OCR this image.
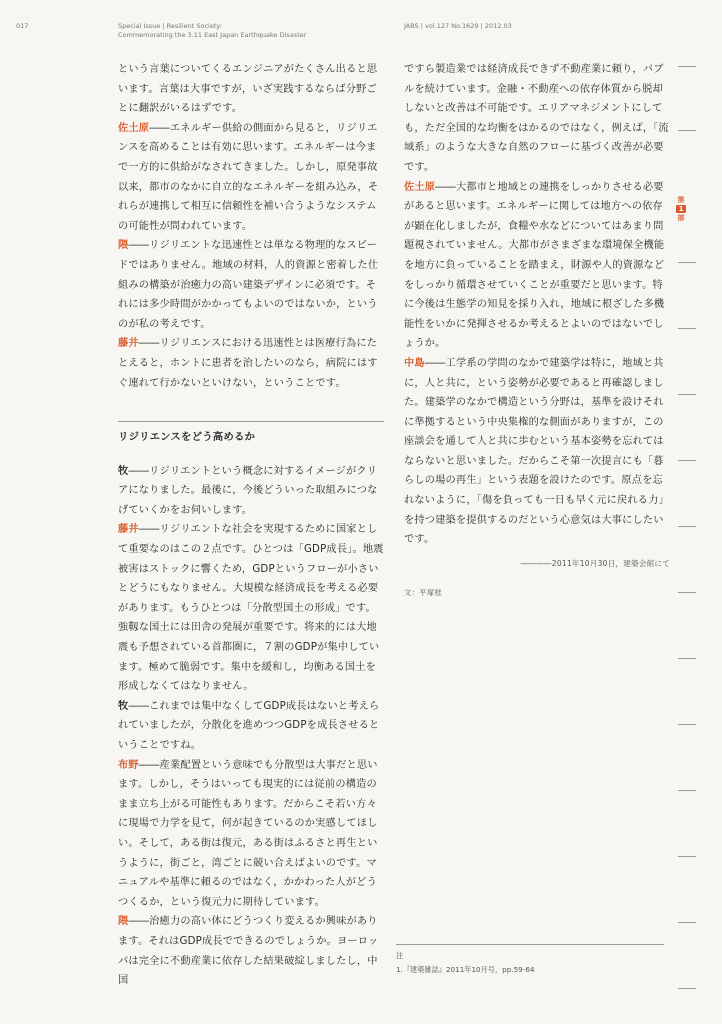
017	Special Issue | Resilient Society:
Commemorating the 3.11 East Japan Earthquake Disaster
JABS | vol.127 No.1629 | 2012.03

という言葉についてくるエンジニアがたくさん出ると思います。言葉は大事ですが，いざ実践するならば分野ごとに翻訳がいるはずです。

佐土原――エネルギー供給の側面から見ると，リジリエンスを高めることは有効に思います。エネルギーは今まで一方的に供給がなされてきました。しかし，原発事故以来，都市のなかに自立的なエネルギーを組み込み，それらが連携して相互に信頼性を補い合うようなシステムの可能性が問われています。

隈――リジリエントな迅速性とは単なる物理的なスピードではありません。地域の材料，人的資源と密着した仕組みの構築が治癒力の高い建築デザインに必須です。それには多少時間がかかってもよいのではないか，というのが私の考えです。

藤井――リジリエンスにおける迅速性とは医療行為にたとえると，ホントに患者を治したいのなら，病院にはすぐ連れて行かないといけない，ということです。

リジリエンスをどう高めるか

牧――リジリエントという概念に対するイメージがクリアになりました。最後に，今後どういった取組みにつなげていくかをお伺いします。

藤井――リジリエントな社会を実現するために国家として重要なのはこの２点です。ひとつは「GDP成長」。地震被害はストックに響くため，GDPというフローが小さいとどうにもなりません。大規模な経済成長を考える必要があります。もうひとつは「分散型国土の形成」です。強靱な国土には田舎の発展が重要です。将来的には大地震も予想されている首都圏に，７割のGDPが集中しています。極めて脆弱です。集中を緩和し，均衡ある国土を形成しなくてはなりません。

牧――これまでは集中なくしてGDP成長はないと考えられていましたが，分散化を進めつつGDPを成長させるということですね。

布野――産業配置という意味でも分散型は大事だと思います。しかし，そうはいっても現実的には従前の構造のまま立ち上がる可能性もあります。だからこそ若い方々に現場で力学を見て，何が起きているのか実感してほしい。そして，ある街は復元，ある街はふるさと再生というように，街ごと，湾ごとに競い合えばよいのです。マニュアルや基準に頼るのではなく，かかわった人がどうつくるか，という復元力に期待しています。

隈――治癒力の高い体にどうつくり変えるか興味があります。それはGDP成長でできるのでしょうか。ヨーロッパは完全に不動産業に依存した結果破綻しましたし，中国

ですら製造業では経済成長できず不動産業に頼り，バブルを続けています。金融・不動産への依存体質から脱却しないと改善は不可能です。エリアマネジメントにしても，ただ全国的な均衡をはかるのではなく，例えば，「流域系」のような大きな自然のフローに基づく改善が必要です。

佐土原――大都市と地域との連携をしっかりさせる必要があると思います。エネルギーに関しては地方への依存が顕在化しましたが，食糧や水などについてはあまり問題視されていません。大都市がさまざまな環境保全機能を地方に負っていることを踏まえ，財源や人的資源などをしっかり循環させていくことが重要だと思います。特に今後は生態学の知見を採り入れ，地域に根ざした多機能性をいかに発揮させるか考えるとよいのではないでしょうか。

中島――工学系の学問のなかで建築学は特に，地域と共に，人と共に，という姿勢が必要であると再確認しました。建築学のなかで構造という分野は，基準を設けそれに準拠するという中央集権的な側面がありますが，この座談会を通して人と共に歩むという基本姿勢を忘れてはならないと思いました。だからこそ第一次提言にも「暮らしの場の再生」という表題を設けたのです。原点を忘れないように，「傷を負っても一日も早く元に戻れる力」を持つ建築を提供するのだという心意気は大事にしたいです。

――――2011年10月30日，建築会館にて
文：平塚桂
注
1.『建築雑誌』2011年10月号，pp.59-64
第
1
部
